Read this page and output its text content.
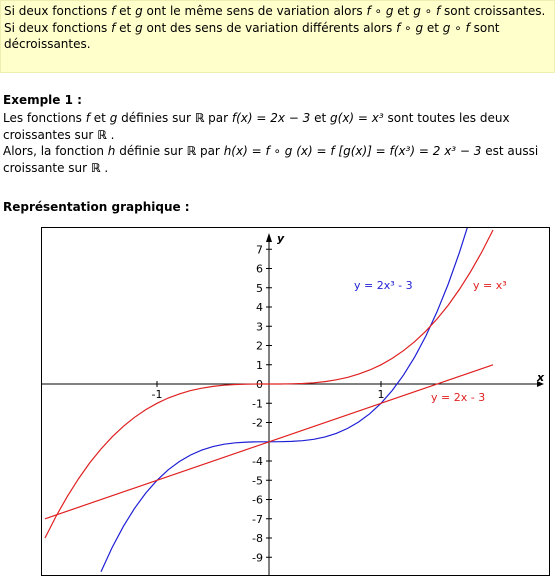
Si deux fonctions f et g ont le même sens de variation alors f ∘ g et g ∘ f sont croissantes.

Si deux fonctions f et g ont des sens de variation différents alors f ∘ g et g ∘ f sont décroissantes.

Exemple 1 :

Les fonctions f et g définies sur ℝ par f(x) = 2x − 3 et g(x) = x³ sont toutes les deux croissantes sur ℝ .

Alors, la fonction h définie sur ℝ par h(x) = f ∘ g (x) = f [g(x)] = f(x³) = 2 x³ − 3 est aussi croissante sur ℝ .

Représentation graphique :
x
y
-1	1
7
6
5
4
3
2
1
0
-1
-2
-4
-5
-6
-7
-8
-9
y = 2x³ - 3	y = x³
y = 2x - 3
